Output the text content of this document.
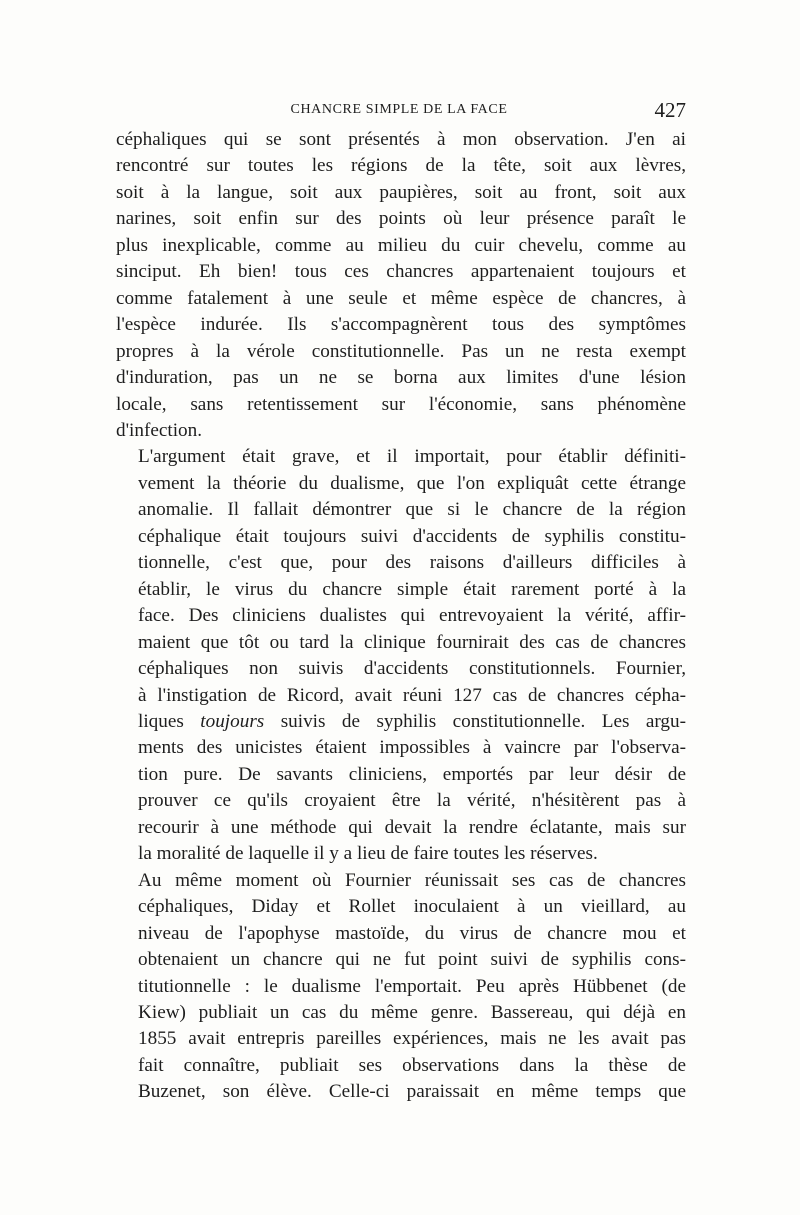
CHANCRE SIMPLE DE LA FACE	427

céphaliques qui se sont présentés à mon observation. J'en ai
rencontré sur toutes les régions de la tête, soit aux lèvres,
soit à la langue, soit aux paupières, soit au front, soit aux
narines, soit enfin sur des points où leur présence paraît le
plus inexplicable, comme au milieu du cuir chevelu, comme au
sinciput. Eh bien! tous ces chancres appartenaient toujours et
comme fatalement à une seule et même espèce de chancres, à
l'espèce indurée. Ils s'accompagnèrent tous des symptômes
propres à la vérole constitutionnelle. Pas un ne resta exempt
d'induration, pas un ne se borna aux limites d'une lésion
locale, sans retentissement sur l'économie, sans phénomène
d'infection.

L'argument était grave, et il importait, pour établir définiti-
vement la théorie du dualisme, que l'on expliquât cette étrange
anomalie. Il fallait démontrer que si le chancre de la région
céphalique était toujours suivi d'accidents de syphilis constitu-
tionnelle, c'est que, pour des raisons d'ailleurs difficiles à
établir, le virus du chancre simple était rarement porté à la
face. Des cliniciens dualistes qui entrevoyaient la vérité, affir-
maient que tôt ou tard la clinique fournirait des cas de chancres
céphaliques non suivis d'accidents constitutionnels. Fournier,
à l'instigation de Ricord, avait réuni 127 cas de chancres cépha-
liques toujours suivis de syphilis constitutionnelle. Les argu-
ments des unicistes étaient impossibles à vaincre par l'observa-
tion pure. De savants cliniciens, emportés par leur désir de
prouver ce qu'ils croyaient être la vérité, n'hésitèrent pas à
recourir à une méthode qui devait la rendre éclatante, mais sur
la moralité de laquelle il y a lieu de faire toutes les réserves.

Au même moment où Fournier réunissait ses cas de chancres
céphaliques, Diday et Rollet inoculaient à un vieillard, au
niveau de l'apophyse mastoïde, du virus de chancre mou et
obtenaient un chancre qui ne fut point suivi de syphilis cons-
titutionnelle : le dualisme l'emportait. Peu après Hübbenet (de
Kiew) publiait un cas du même genre. Bassereau, qui déjà en
1855 avait entrepris pareilles expériences, mais ne les avait pas
fait connaître, publiait ses observations dans la thèse de
Buzenet, son élève. Celle-ci paraissait en même temps que
